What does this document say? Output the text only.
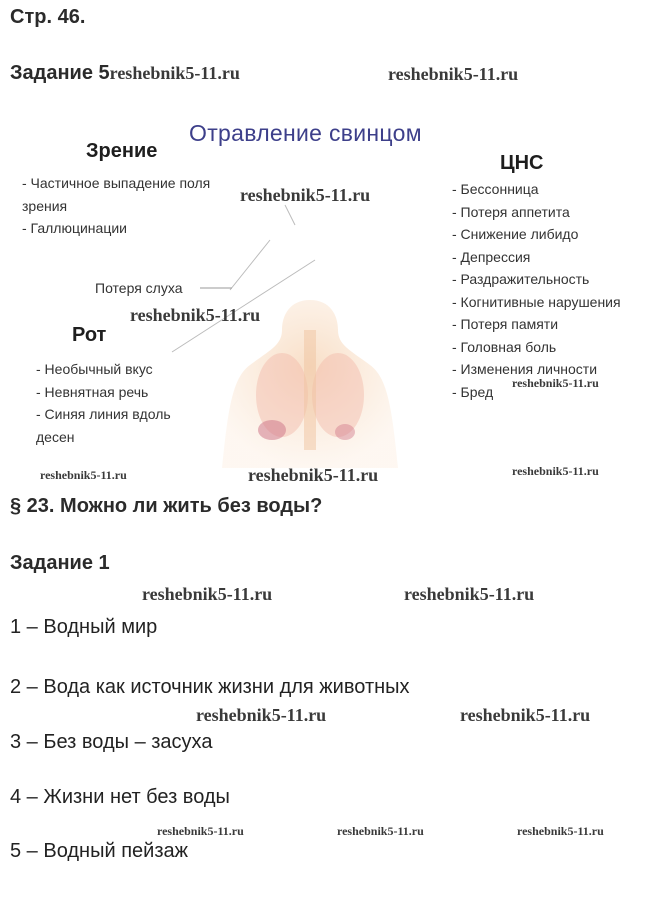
Стр. 46.
Задание 5reshebnik5-11.ru	reshebnik5-11.ru
Отравление свинцом
Зрение
- Частичное выпадение поля
зрения
- Галлюцинации
reshebnik5-11.ru
Потеря слуха
reshebnik5-11.ru
Рот
- Необычный вкус
- Невнятная речь
- Синяя линия вдоль
десен
ЦНС
- Бессонница
- Потеря аппетита
- Снижение либидо
- Депрессия
- Раздражительность
- Когнитивные нарушения
- Потеря памяти
- Головная боль
- Изменения личности
- Бред
reshebnik5-11.ru
reshebnik5-11.ru	reshebnik5-11.ru	reshebnik5-11.ru
§ 23. Можно ли жить без воды?
Задание 1
reshebnik5-11.ru	reshebnik5-11.ru
1 – Водный мир
2 – Вода как источник жизни для животных
reshebnik5-11.ru	reshebnik5-11.ru
3 – Без воды – засуха
4 – Жизни нет без воды
reshebnik5-11.ru	reshebnik5-11.ru	reshebnik5-11.ru
5 – Водный пейзаж
